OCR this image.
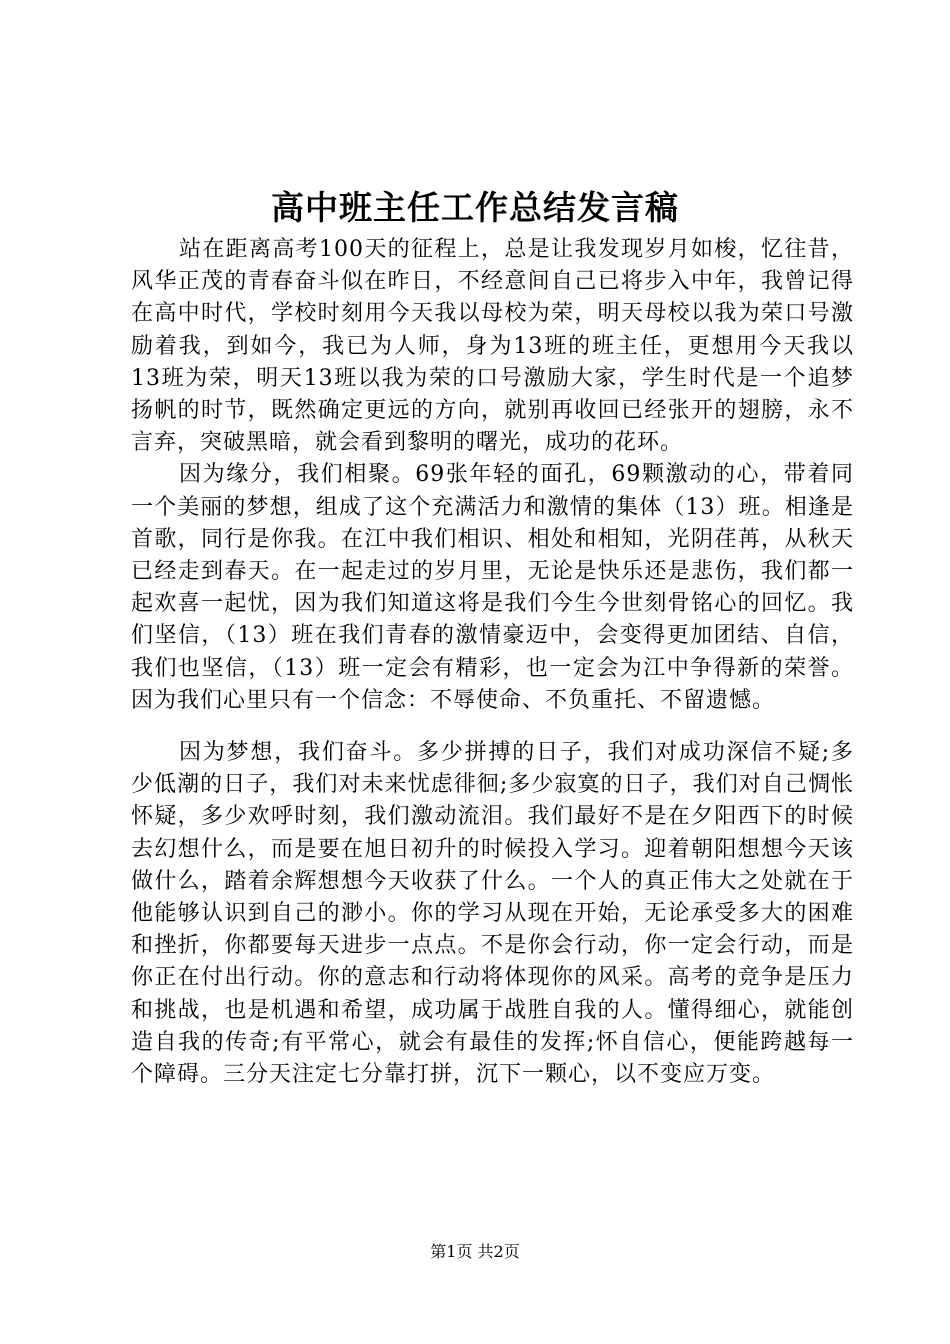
高中班主任工作总结发言稿

站在距离高考100天的征程上，总是让我发现岁月如梭，忆往昔，风华正茂的青春奋斗似在昨日，不经意间自己已将步入中年，我曾记得在高中时代，学校时刻用今天我以母校为荣，明天母校以我为荣口号激励着我，到如今，我已为人师，身为13班的班主任，更想用今天我以13班为荣，明天13班以我为荣的口号激励大家，学生时代是一个追梦扬帆的时节，既然确定更远的方向，就别再收回已经张开的翅膀，永不言弃，突破黑暗，就会看到黎明的曙光，成功的花环。

因为缘分，我们相聚。69张年轻的面孔，69颗激动的心，带着同一个美丽的梦想，组成了这个充满活力和激情的集体（13）班。相逢是首歌，同行是你我。在江中我们相识、相处和相知，光阴荏苒，从秋天已经走到春天。在一起走过的岁月里，无论是快乐还是悲伤，我们都一起欢喜一起忧，因为我们知道这将是我们今生今世刻骨铭心的回忆。我们坚信，（13）班在我们青春的激情豪迈中，会变得更加团结、自信，我们也坚信，（13）班一定会有精彩，也一定会为江中争得新的荣誉。因为我们心里只有一个信念：不辱使命、不负重托、不留遗憾。

因为梦想，我们奋斗。多少拼搏的日子，我们对成功深信不疑;多少低潮的日子，我们对未来忧虑徘徊;多少寂寞的日子，我们对自己惆怅怀疑，多少欢呼时刻，我们激动流泪。我们最好不是在夕阳西下的时候去幻想什么，而是要在旭日初升的时候投入学习。迎着朝阳想想今天该做什么，踏着余辉想想今天收获了什么。一个人的真正伟大之处就在于他能够认识到自己的渺小。你的学习从现在开始，无论承受多大的困难和挫折，你都要每天进步一点点。不是你会行动，你一定会行动，而是你正在付出行动。你的意志和行动将体现你的风采。高考的竞争是压力和挑战，也是机遇和希望，成功属于战胜自我的人。懂得细心，就能创造自我的传奇;有平常心，就会有最佳的发挥;怀自信心，便能跨越每一个障碍。三分天注定七分靠打拼，沉下一颗心，以不变应万变。

第1页 共2页
